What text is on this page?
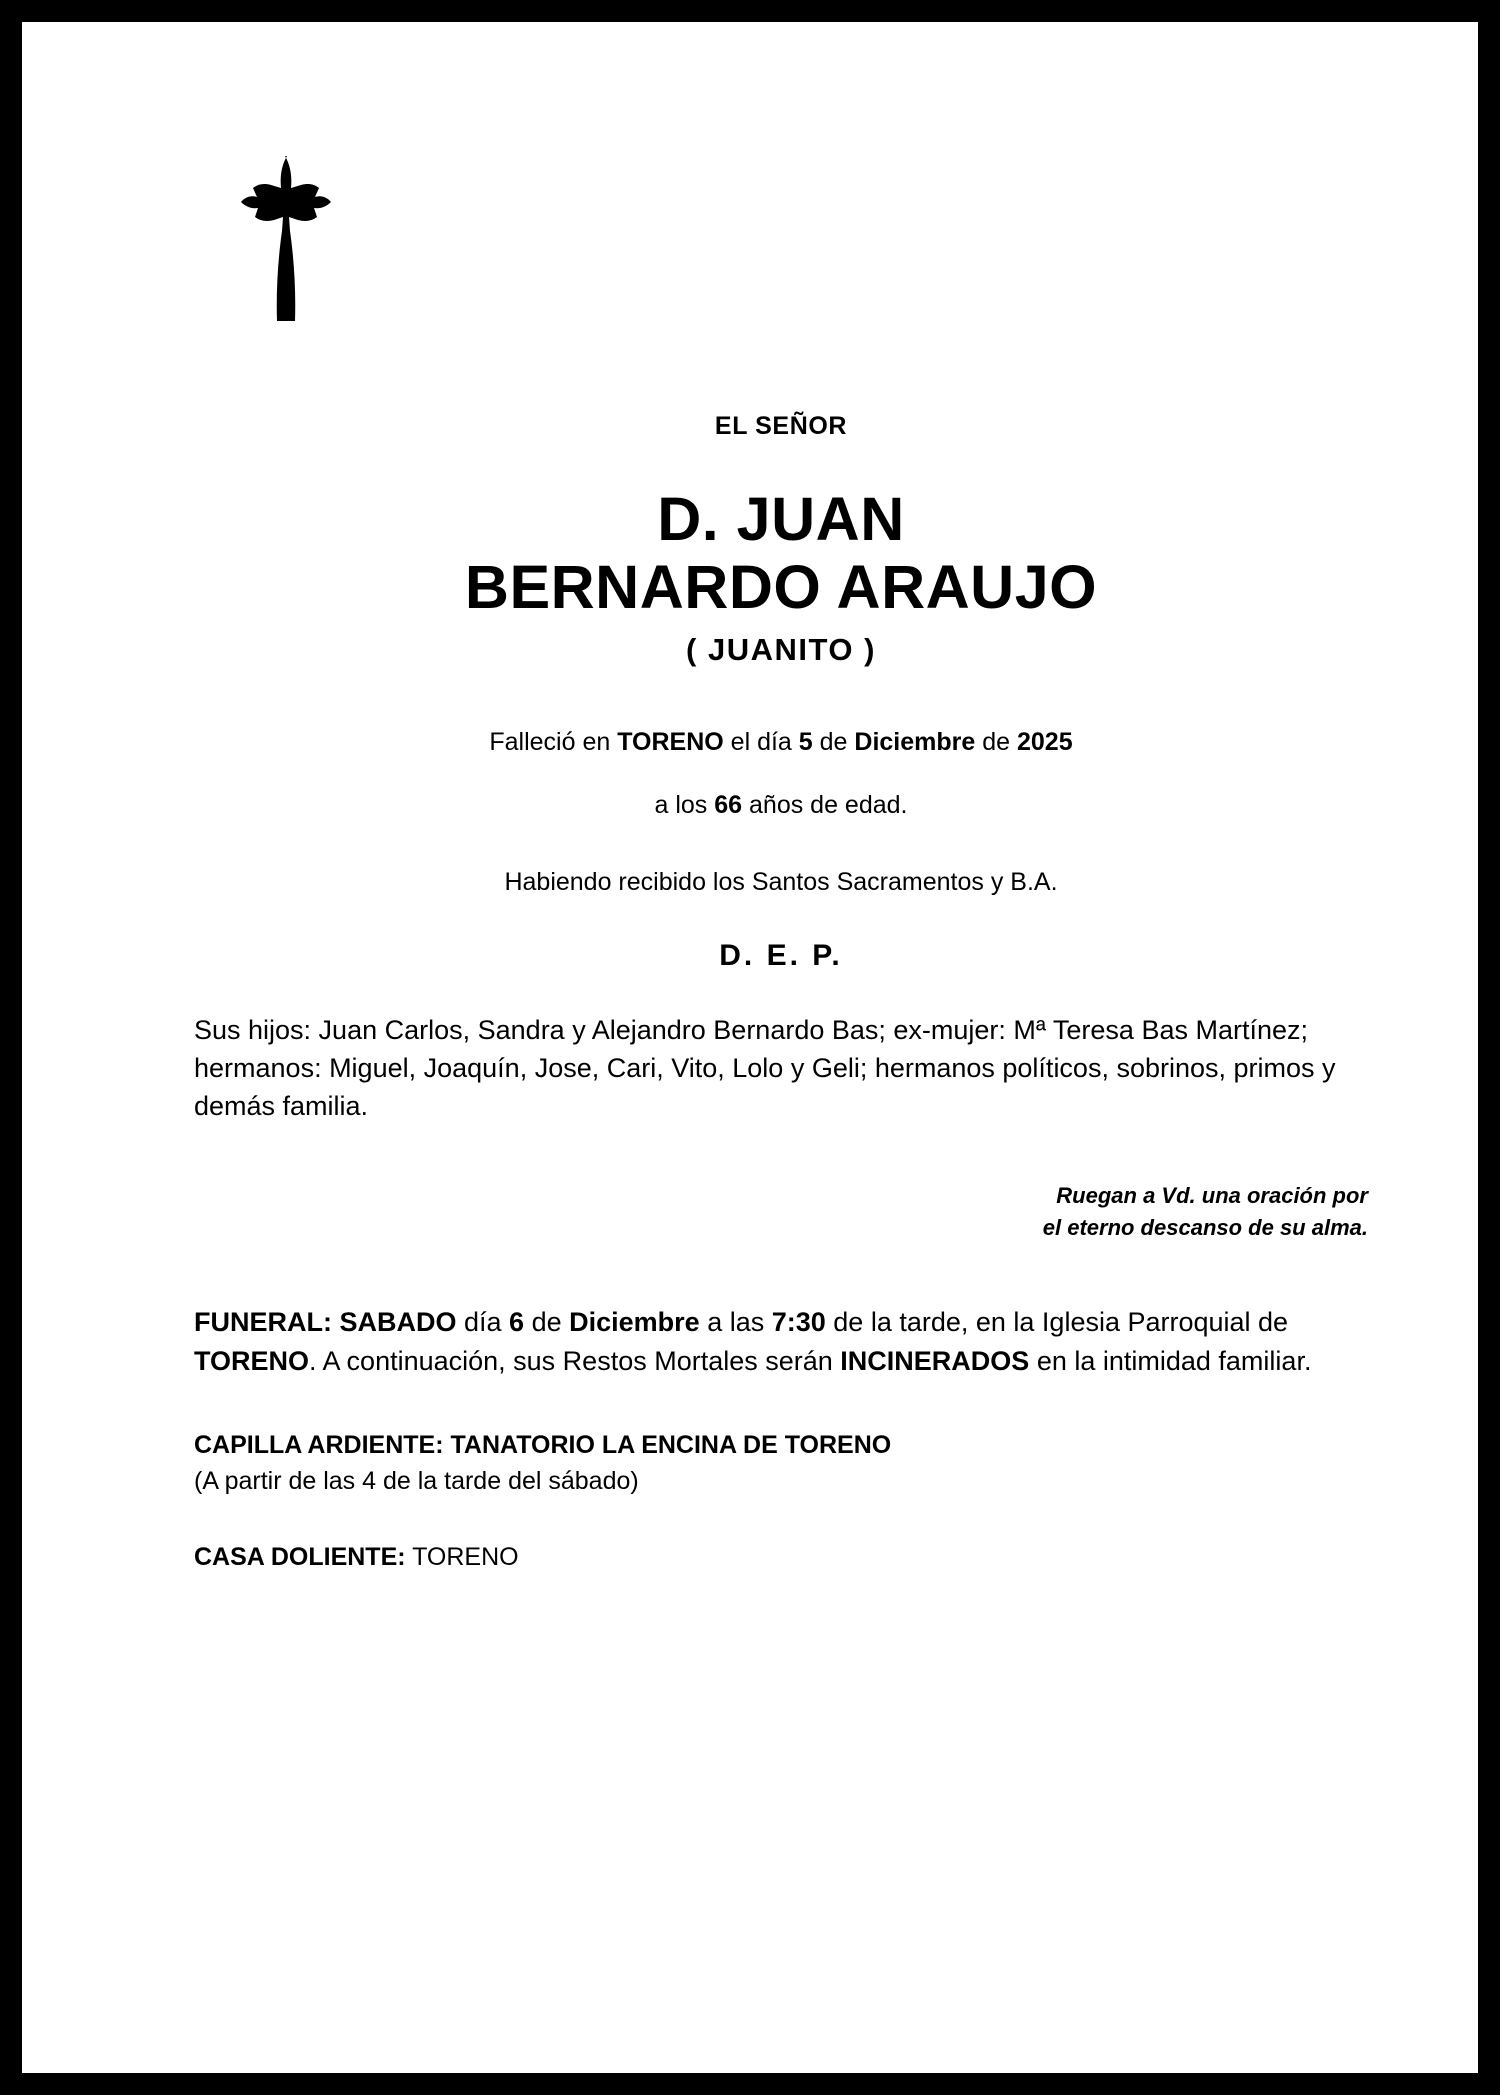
EL SEÑOR
D. JUAN
BERNARDO ARAUJO
( JUANITO )
Falleció en TORENO el día 5 de Diciembre de 2025
a los 66 años de edad.
Habiendo recibido los Santos Sacramentos y B.A.
D. E. P.
Sus hijos: Juan Carlos, Sandra y Alejandro Bernardo Bas; ex-mujer: Mª Teresa Bas Martínez; hermanos: Miguel, Joaquín, Jose, Cari, Vito, Lolo y Geli; hermanos políticos, sobrinos, primos y demás familia.
Ruegan a Vd. una oración por
el eterno descanso de su alma.
FUNERAL: SABADO día 6 de Diciembre a las 7:30 de la tarde, en la Iglesia Parroquial de TORENO. A continuación, sus Restos Mortales serán INCINERADOS en la intimidad familiar.
CAPILLA ARDIENTE: TANATORIO LA ENCINA DE TORENO
(A partir de las 4 de la tarde del sábado)
CASA DOLIENTE: TORENO
